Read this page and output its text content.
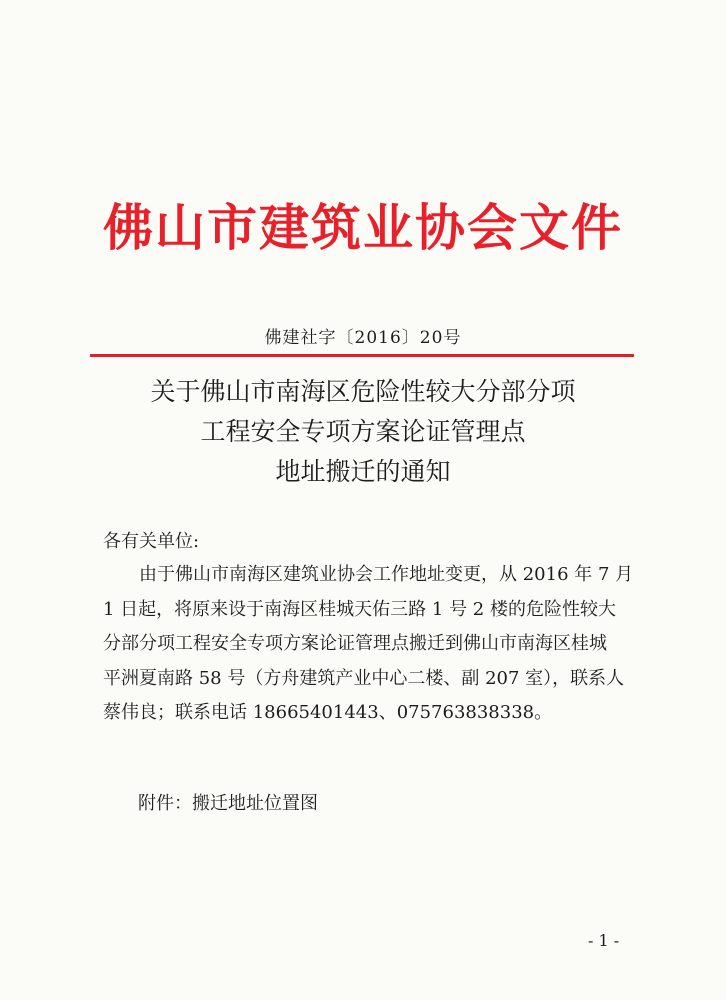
佛山市建筑业协会文件
佛建社字〔2016〕20号
关于佛山市南海区危险性较大分部分项
工程安全专项方案论证管理点
地址搬迁的通知
各有关单位:
由于佛山市南海区建筑业协会工作地址变更，从 2016 年 7 月
1 日起，将原来设于南海区桂城天佑三路 1 号 2 楼的危险性较大
分部分项工程安全专项方案论证管理点搬迁到佛山市南海区桂城
平洲夏南路 58 号（方舟建筑产业中心二楼、副 207 室），联系人
蔡伟良；联系电话 18665401443、075763838338。
附件：搬迁地址位置图
- 1 -
